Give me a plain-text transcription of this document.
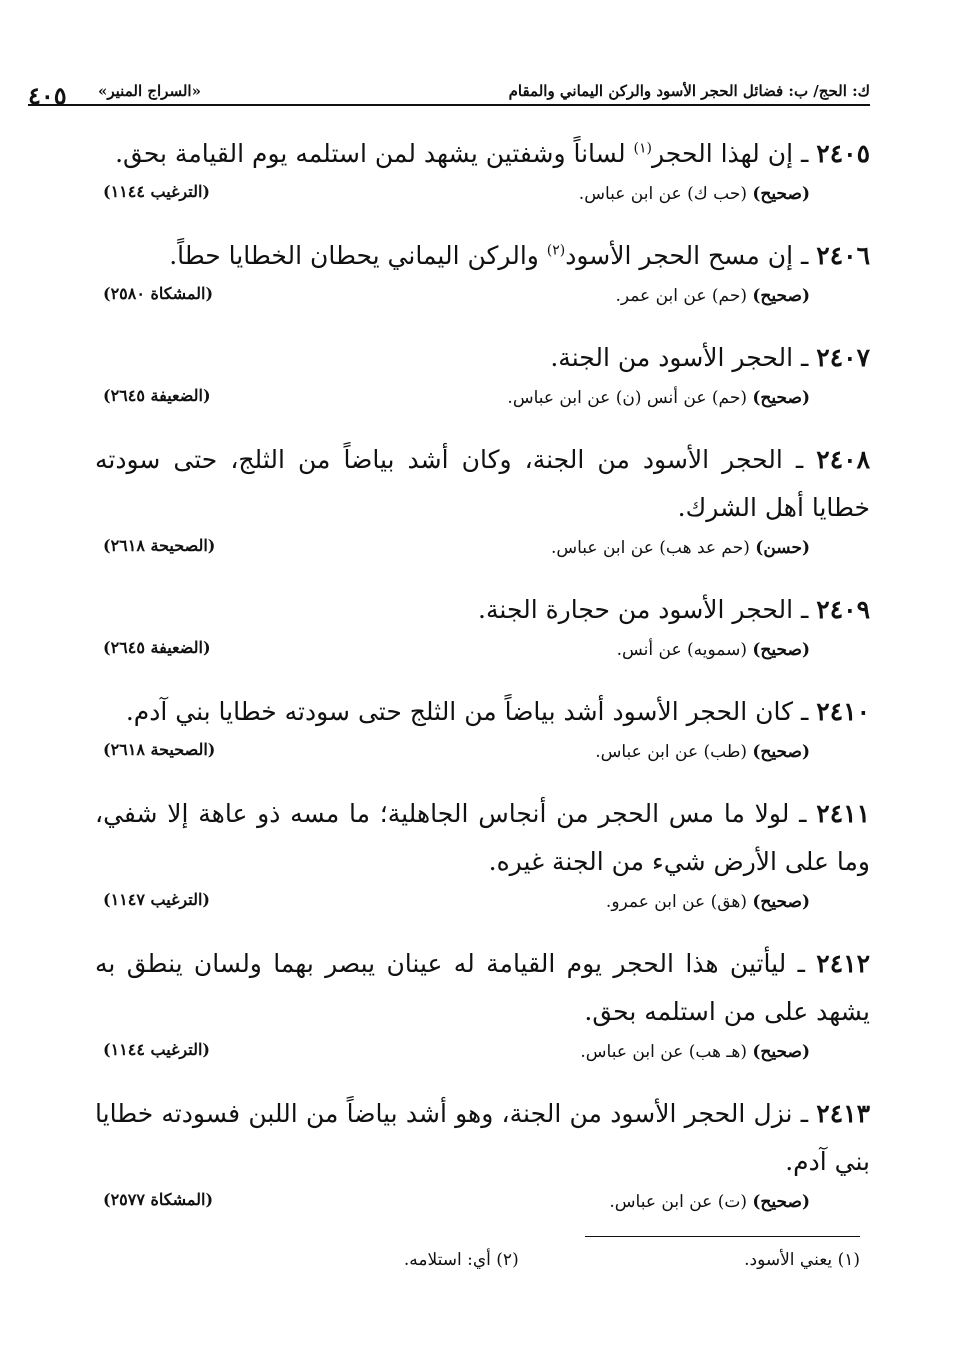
ك: الحج/ ب: فضائل الحجر الأسود والركن اليماني والمقام
«السراج المنير»
٤٠٥
٢٤٠٥ ـ إن لهذا الحجر$^{(١)}$ لساناً وشفتين يشهد لمن استلمه يوم القيامة بحق.
(صحيح) (حب ك) عن ابن عباس.
(الترغيب ١١٤٤)
٢٤٠٦ ـ إن مسح الحجر الأسود$^{(٢)}$ والركن اليماني يحطان الخطايا حطاً.
(صحيح) (حم) عن ابن عمر.
(المشكاة ٢٥٨٠)
٢٤٠٧ ـ الحجر الأسود من الجنة.
(صحيح) (حم) عن أنس (ن) عن ابن عباس.
(الضعيفة ٢٦٤٥)
٢٤٠٨ ـ الحجر الأسود من الجنة، وكان أشد بياضاً من الثلج، حتى سودته خطايا أهل الشرك.
(حسن) (حم عد هب) عن ابن عباس.
(الصحيحة ٢٦١٨)
٢٤٠٩ ـ الحجر الأسود من حجارة الجنة.
(صحيح) (سمويه) عن أنس.
(الضعيفة ٢٦٤٥)
٢٤١٠ ـ كان الحجر الأسود أشد بياضاً من الثلج حتى سودته خطايا بني آدم.
(صحيح) (طب) عن ابن عباس.
(الصحيحة ٢٦١٨)
٢٤١١ ـ لولا ما مس الحجر من أنجاس الجاهلية؛ ما مسه ذو عاهة إلا شفي، وما على الأرض شيء من الجنة غيره.
(صحيح) (هق) عن ابن عمرو.
(الترغيب ١١٤٧)
٢٤١٢ ـ ليأتين هذا الحجر يوم القيامة له عينان يبصر بهما ولسان ينطق به يشهد على من استلمه بحق.
(صحيح) (هـ هب) عن ابن عباس.
(الترغيب ١١٤٤)
٢٤١٣ ـ نزل الحجر الأسود من الجنة، وهو أشد بياضاً من اللبن فسودته خطايا بني آدم.
(صحيح) (ت) عن ابن عباس.
(المشكاة ٢٥٧٧)
(١) يعني الأسود. (٢) أي: استلامه.
